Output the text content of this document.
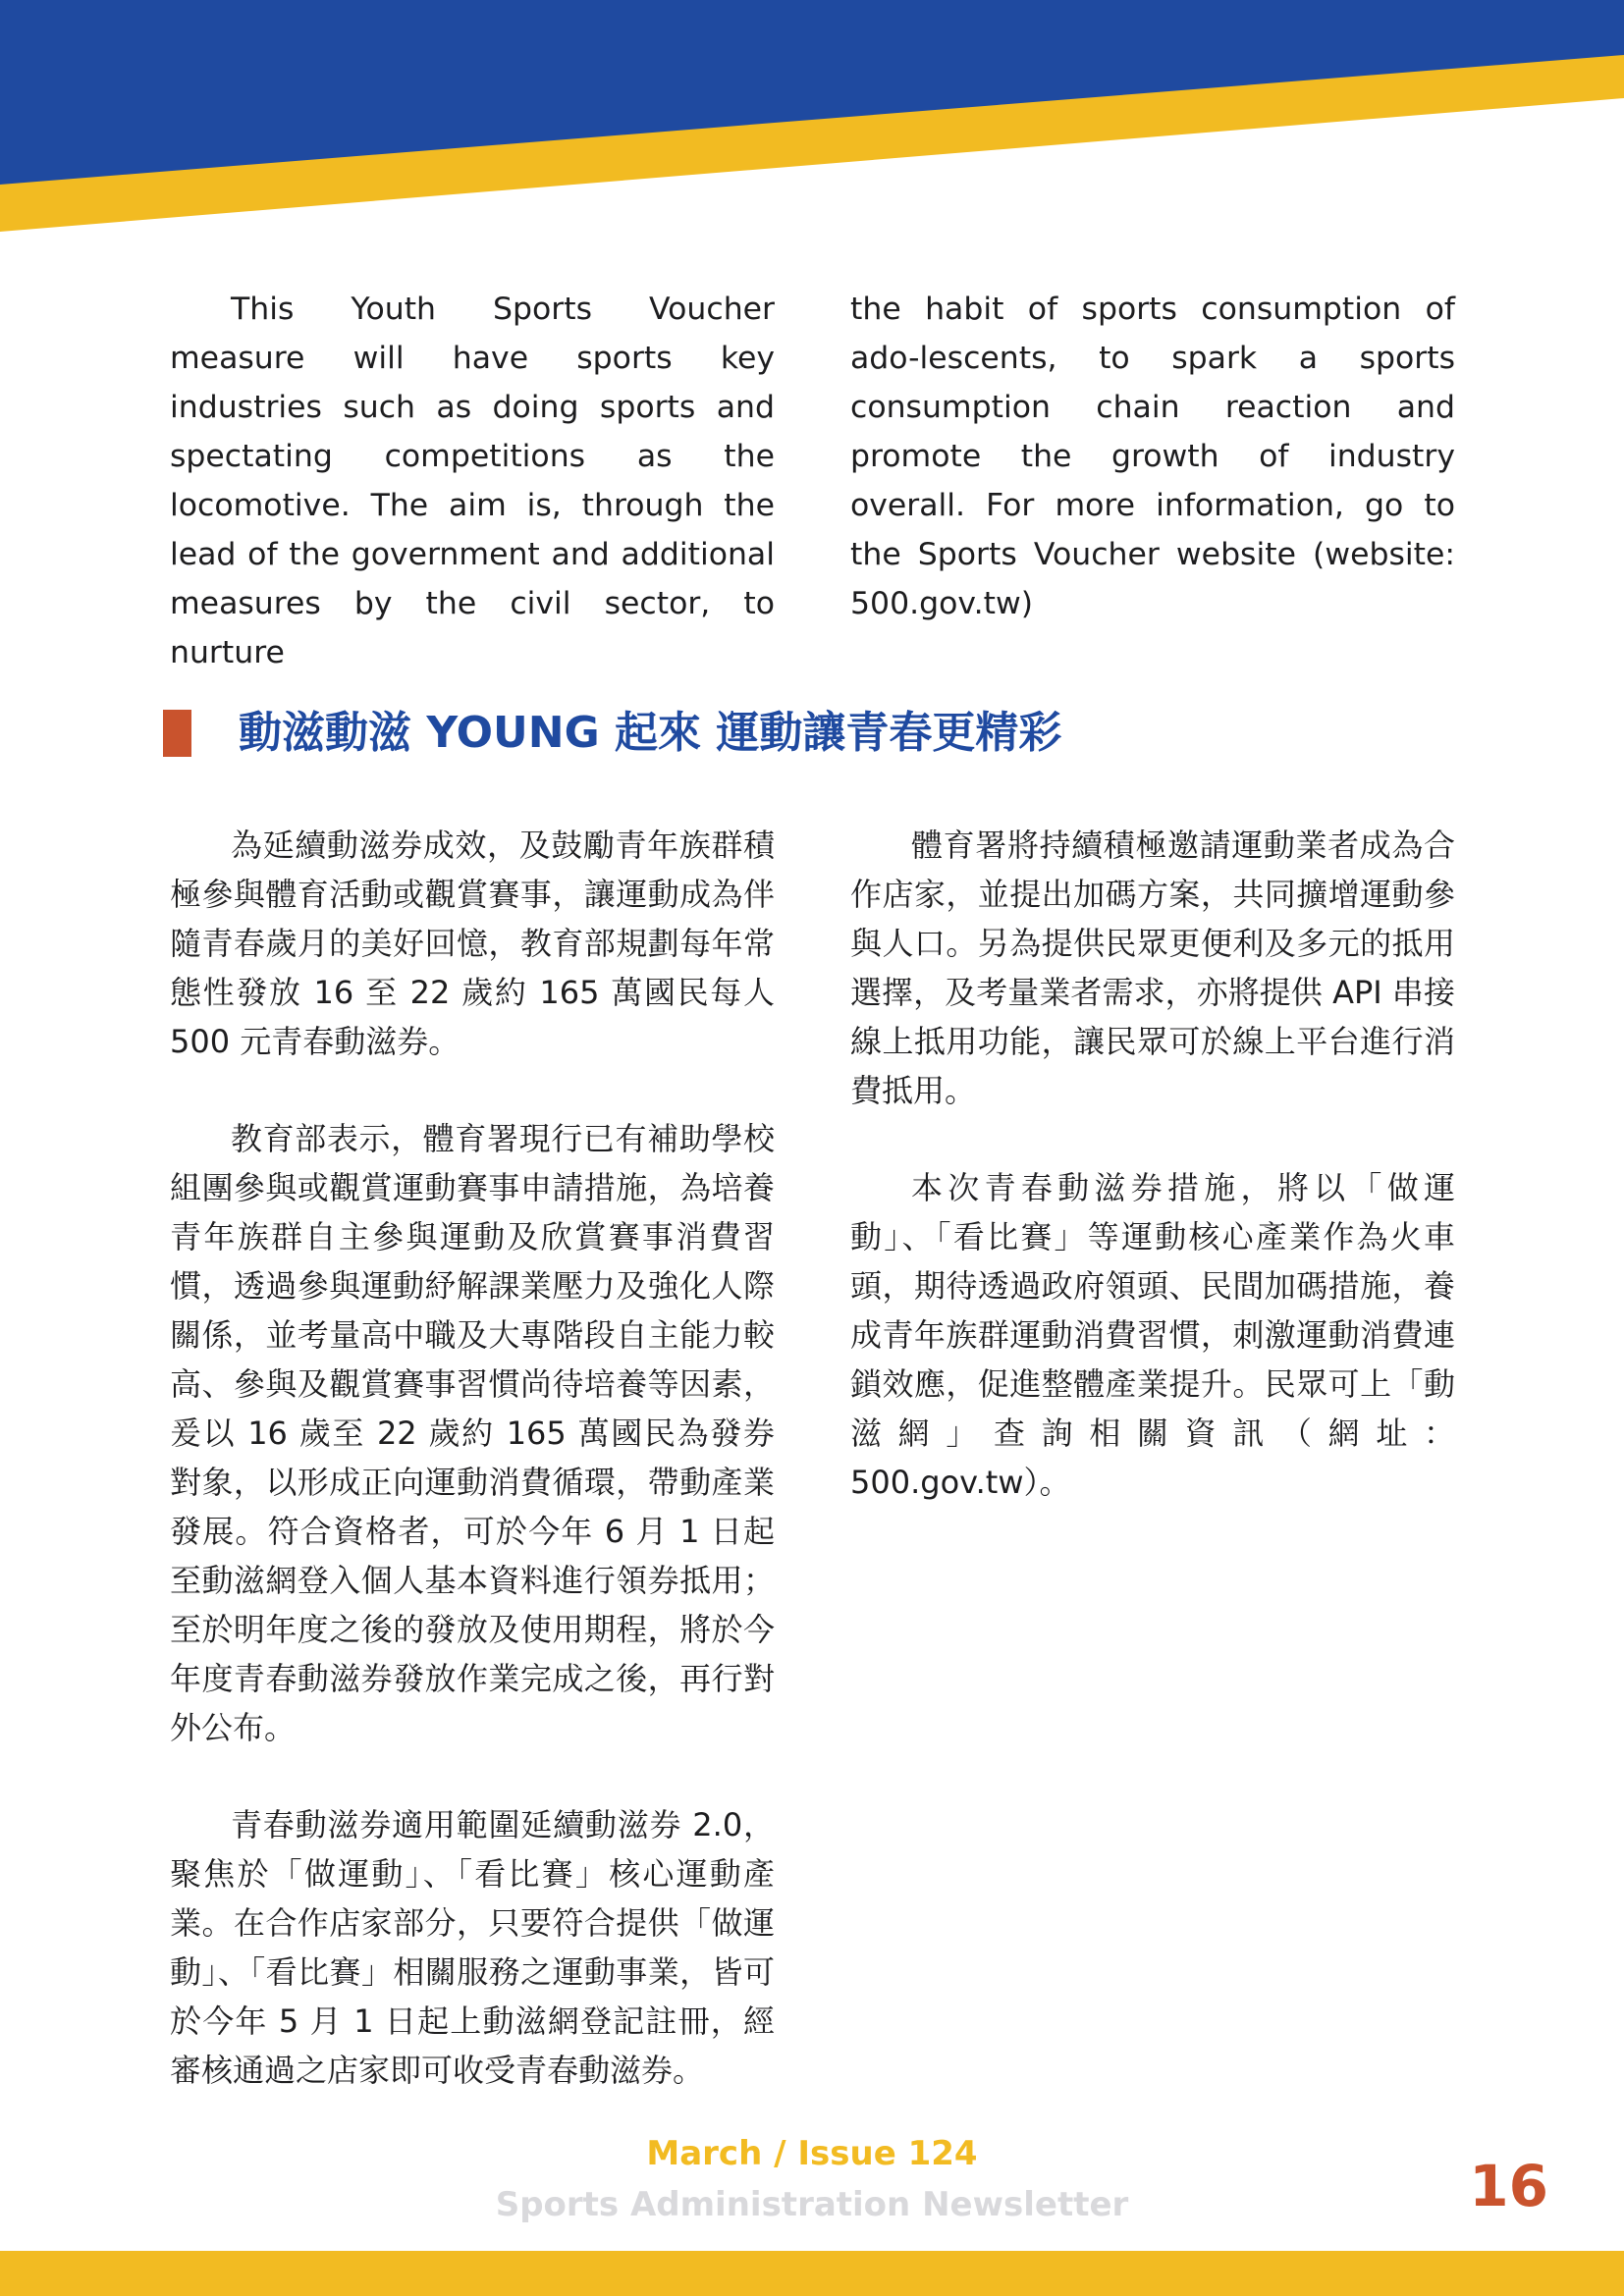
This Youth Sports Voucher measure will have sports key industries such as doing sports and spectating competitions as the locomotive. The aim is, through the lead of the government and additional measures by the civil sector, to nurture

the habit of sports consumption of ado-lescents, to spark a sports consumption chain reaction and promote the growth of industry overall. For more information, go to the Sports Voucher website (website: 500.gov.tw)

動滋動滋 YOUNG 起來 運動讓青春更精彩

為延續動滋券成效，及鼓勵青年族群積極參與體育活動或觀賞賽事，讓運動成為伴隨青春歲月的美好回憶，教育部規劃每年常態性發放 16 至 22 歲約 165 萬國民每人 500 元青春動滋券。

教育部表示，體育署現行已有補助學校組團參與或觀賞運動賽事申請措施，為培養青年族群自主參與運動及欣賞賽事消費習慣，透過參與運動紓解課業壓力及強化人際關係，並考量高中職及大專階段自主能力較高、參與及觀賞賽事習慣尚待培養等因素，爰以 16 歲至 22 歲約 165 萬國民為發券對象，以形成正向運動消費循環，帶動產業發展。符合資格者，可於今年 6 月 1 日起至動滋網登入個人基本資料進行領券抵用；至於明年度之後的發放及使用期程，將於今年度青春動滋券發放作業完成之後，再行對外公布。

青春動滋券適用範圍延續動滋券 2.0，聚焦於「做運動」、「看比賽」核心運動產業。在合作店家部分，只要符合提供「做運動」、「看比賽」相關服務之運動事業，皆可於今年 5 月 1 日起上動滋網登記註冊，經審核通過之店家即可收受青春動滋券。

體育署將持續積極邀請運動業者成為合作店家，並提出加碼方案，共同擴增運動參與人口。另為提供民眾更便利及多元的抵用選擇，及考量業者需求，亦將提供 API 串接線上抵用功能，讓民眾可於線上平台進行消費抵用。

本次青春動滋券措施，將以「做運動」、「看比賽」等運動核心產業作為火車頭，期待透過政府領頭、民間加碼措施，養成青年族群運動消費習慣，刺激運動消費連鎖效應，促進整體產業提升。民眾可上「動滋網」查詢相關資訊（網址：500.gov.tw）。

March / Issue 124
Sports Administration Newsletter	16
